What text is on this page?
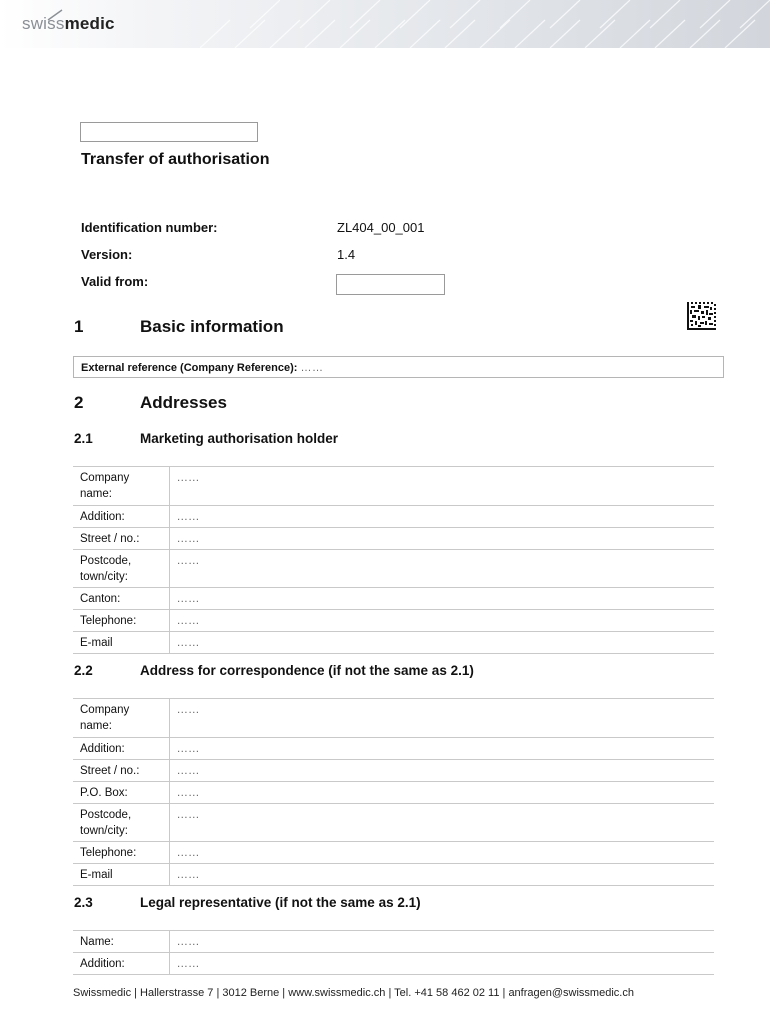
swissmedic
Transfer of authorisation
Identification number:	ZL404_00_001
Version:	1.4
Valid from:
1	Basic information
External reference (Company Reference): ……
2	Addresses
2.1	Marketing authorisation holder
Company name:	……
Addition:	……
Street / no.:	……
Postcode, town/city:	……
Canton:	……
Telephone:	……
E-mail	……
2.2	Address for correspondence (if not the same as 2.1)
Company name:	……
Addition:	……
Street / no.:	……
P.O. Box:	……
Postcode, town/city:	……
Telephone:	……
E-mail	……
2.3	Legal representative (if not the same as 2.1)
Name:	……
Addition:	……
Swissmedic | Hallerstrasse 7 | 3012 Berne | www.swissmedic.ch | Tel. +41 58 462 02 11 | anfragen@swissmedic.ch
